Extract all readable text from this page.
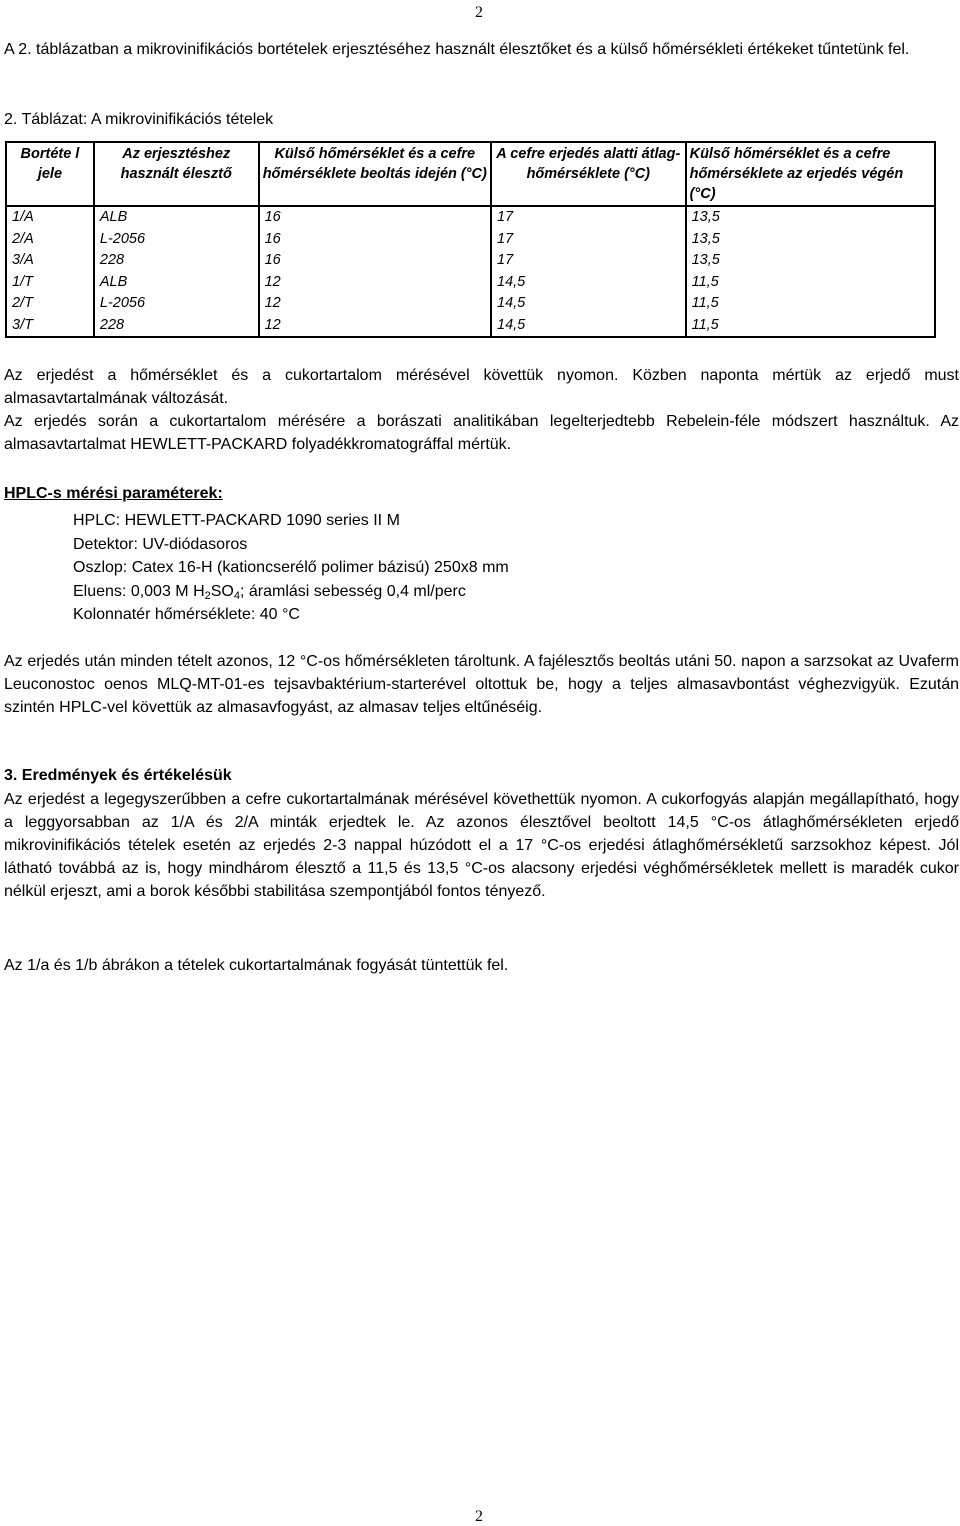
2
A 2. táblázatban a mikrovinifikációs bortételek erjesztéséhez használt élesztőket és a külső hőmérsékleti értékeket tűntetünk fel.
2. Táblázat: A mikrovinifikációs tételek
Bortéte l jele	Az erjesztéshez használt élesztő	Külső hőmérséklet és a cefre hőmérséklete beoltás idején (°C)	A cefre erjedés alatti átlag-hőmérséklete (°C)	Külső hőmérséklet és a cefre hőmérséklete az erjedés végén (°C)
1/A	ALB	16	17	13,5
2/A	L-2056	16	17	13,5
3/A	228	16	17	13,5
1/T	ALB	12	14,5	11,5
2/T	L-2056	12	14,5	11,5
3/T	228	12	14,5	11,5

Az erjedést a hőmérséklet és a cukortartalom mérésével követtük nyomon. Közben naponta mértük az erjedő must almasavtartalmának változását.

Az erjedés során a cukortartalom mérésére a borászati analitikában legelterjedtebb Rebelein-féle módszert használtuk. Az almasavtartalmat HEWLETT-PACKARD folyadékkromatográffal mértük.

HPLC-s mérési paraméterek:
HPLC: HEWLETT-PACKARD 1090 series II M
Detektor: UV-diódasoros
Oszlop: Catex 16-H (kationcserélő polimer bázisú) 250x8 mm
Eluens: 0,003 M $H_2SO_4$; áramlási sebesség 0,4 ml/perc
Kolonnatér hőmérséklete: 40 °C
Az erjedés után minden tételt azonos, 12 °C-os hőmérsékleten tároltunk. A fajélesztős beoltás utáni 50. napon a sarzsokat az Uvaferm Leuconostoc oenos MLQ-MT-01-es tejsavbaktérium-starterével oltottuk be, hogy a teljes almasavbontást véghezvigyük. Ezután szintén HPLC-vel követtük az almasavfogyást, az almasav teljes eltűnéséig.
3. Eredmények és értékelésük
Az erjedést a legegyszerűbben a cefre cukortartalmának mérésével követhettük nyomon. A cukorfogyás alapján megállapítható, hogy a leggyorsabban az 1/A és 2/A minták erjedtek le. Az azonos élesztővel beoltott 14,5 °C-os átlaghőmérsékleten erjedő mikrovinifikációs tételek esetén az erjedés 2-3 nappal húzódott el a 17 °C-os erjedési átlaghőmérsékletű sarzsokhoz képest. Jól látható továbbá az is, hogy mindhárom élesztő a 11,5 és 13,5 °C-os alacsony erjedési véghőmérsékletek mellett is maradék cukor nélkül erjeszt, ami a borok későbbi stabilitása szempontjából fontos tényező.
Az 1/a és 1/b ábrákon a tételek cukortartalmának fogyását tüntettük fel.
2
